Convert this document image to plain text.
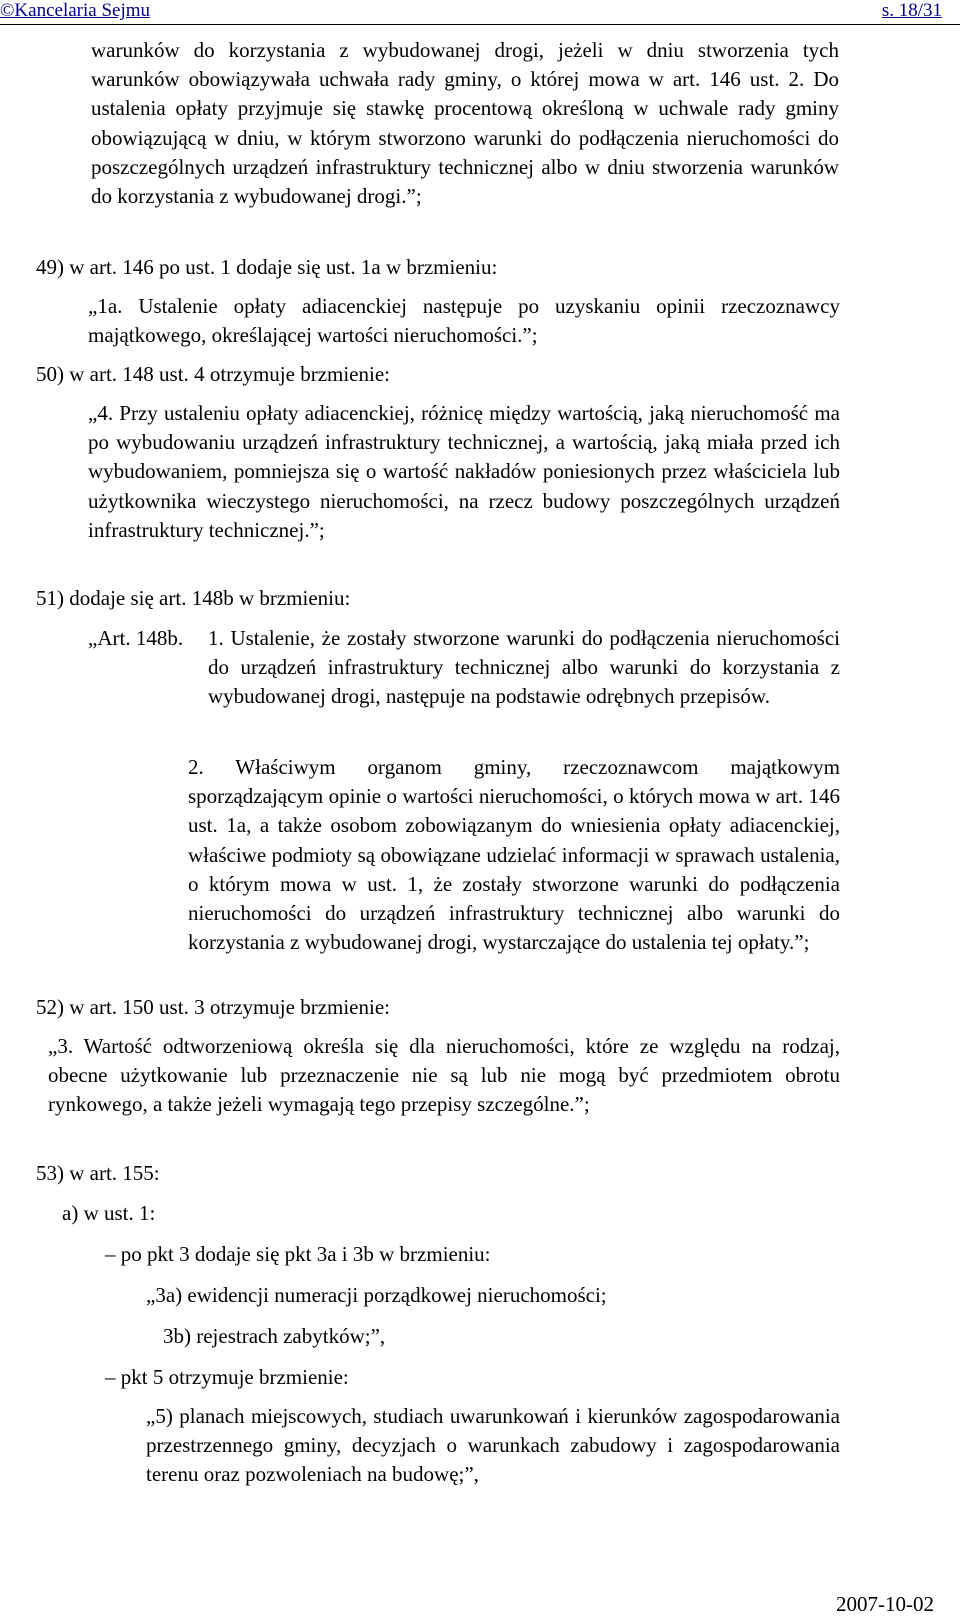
©Kancelaria Sejmu	s. 18/31
warunków do korzystania z wybudowanej drogi, jeżeli w dniu stworzenia tych warunków obowiązywała uchwała rady gminy, o której mowa w art. 146 ust. 2. Do ustalenia opłaty przyjmuje się stawkę procentową określoną w uchwale rady gminy obowiązującą w dniu, w którym stworzono warunki do podłączenia nieruchomości do poszczególnych urządzeń infrastruktury technicznej albo w dniu stworzenia warunków do korzystania z wybudowanej drogi.”;
49) w art. 146 po ust. 1 dodaje się ust. 1a w brzmieniu:
„1a. Ustalenie opłaty adiacenckiej następuje po uzyskaniu opinii rzeczoznawcy majątkowego, określającej wartości nieruchomości.”;
50) w art. 148 ust. 4 otrzymuje brzmienie:
„4. Przy ustaleniu opłaty adiacenckiej, różnicę między wartością, jaką nieruchomość ma po wybudowaniu urządzeń infrastruktury technicznej, a wartością, jaką miała przed ich wybudowaniem, pomniejsza się o wartość nakładów poniesionych przez właściciela lub użytkownika wieczystego nieruchomości, na rzecz budowy poszczególnych urządzeń infrastruktury technicznej.”;
51) dodaje się art. 148b w brzmieniu:
„Art. 148b.	1. Ustalenie, że zostały stworzone warunki do podłączenia nieruchomości do urządzeń infrastruktury technicznej albo warunki do korzystania z wybudowanej drogi, następuje na podstawie odrębnych przepisów.
2. Właściwym organom gminy, rzeczoznawcom majątkowym sporządzającym opinie o wartości nieruchomości, o których mowa w art. 146 ust. 1a, a także osobom zobowiązanym do wniesienia opłaty adiacenckiej, właściwe podmioty są obowiązane udzielać informacji w sprawach ustalenia, o którym mowa w ust. 1, że zostały stworzone warunki do podłączenia nieruchomości do urządzeń infrastruktury technicznej albo warunki do korzystania z wybudowanej drogi, wystarczające do ustalenia tej opłaty.”;
52) w art. 150 ust. 3 otrzymuje brzmienie:
„3. Wartość odtworzeniową określa się dla nieruchomości, które ze względu na rodzaj, obecne użytkowanie lub przeznaczenie nie są lub nie mogą być przedmiotem obrotu rynkowego, a także jeżeli wymagają tego przepisy szczególne.”;
53) w art. 155:
a) w ust. 1:
– po pkt 3 dodaje się pkt 3a i 3b w brzmieniu:
„3a) ewidencji numeracji porządkowej nieruchomości;
3b) rejestrach zabytków;”,
– pkt 5 otrzymuje brzmienie:
„5) planach miejscowych, studiach uwarunkowań i kierunków zagospodarowania przestrzennego gminy, decyzjach o warunkach zabudowy i zagospodarowania terenu oraz pozwoleniach na budowę;”,
2007-10-02
